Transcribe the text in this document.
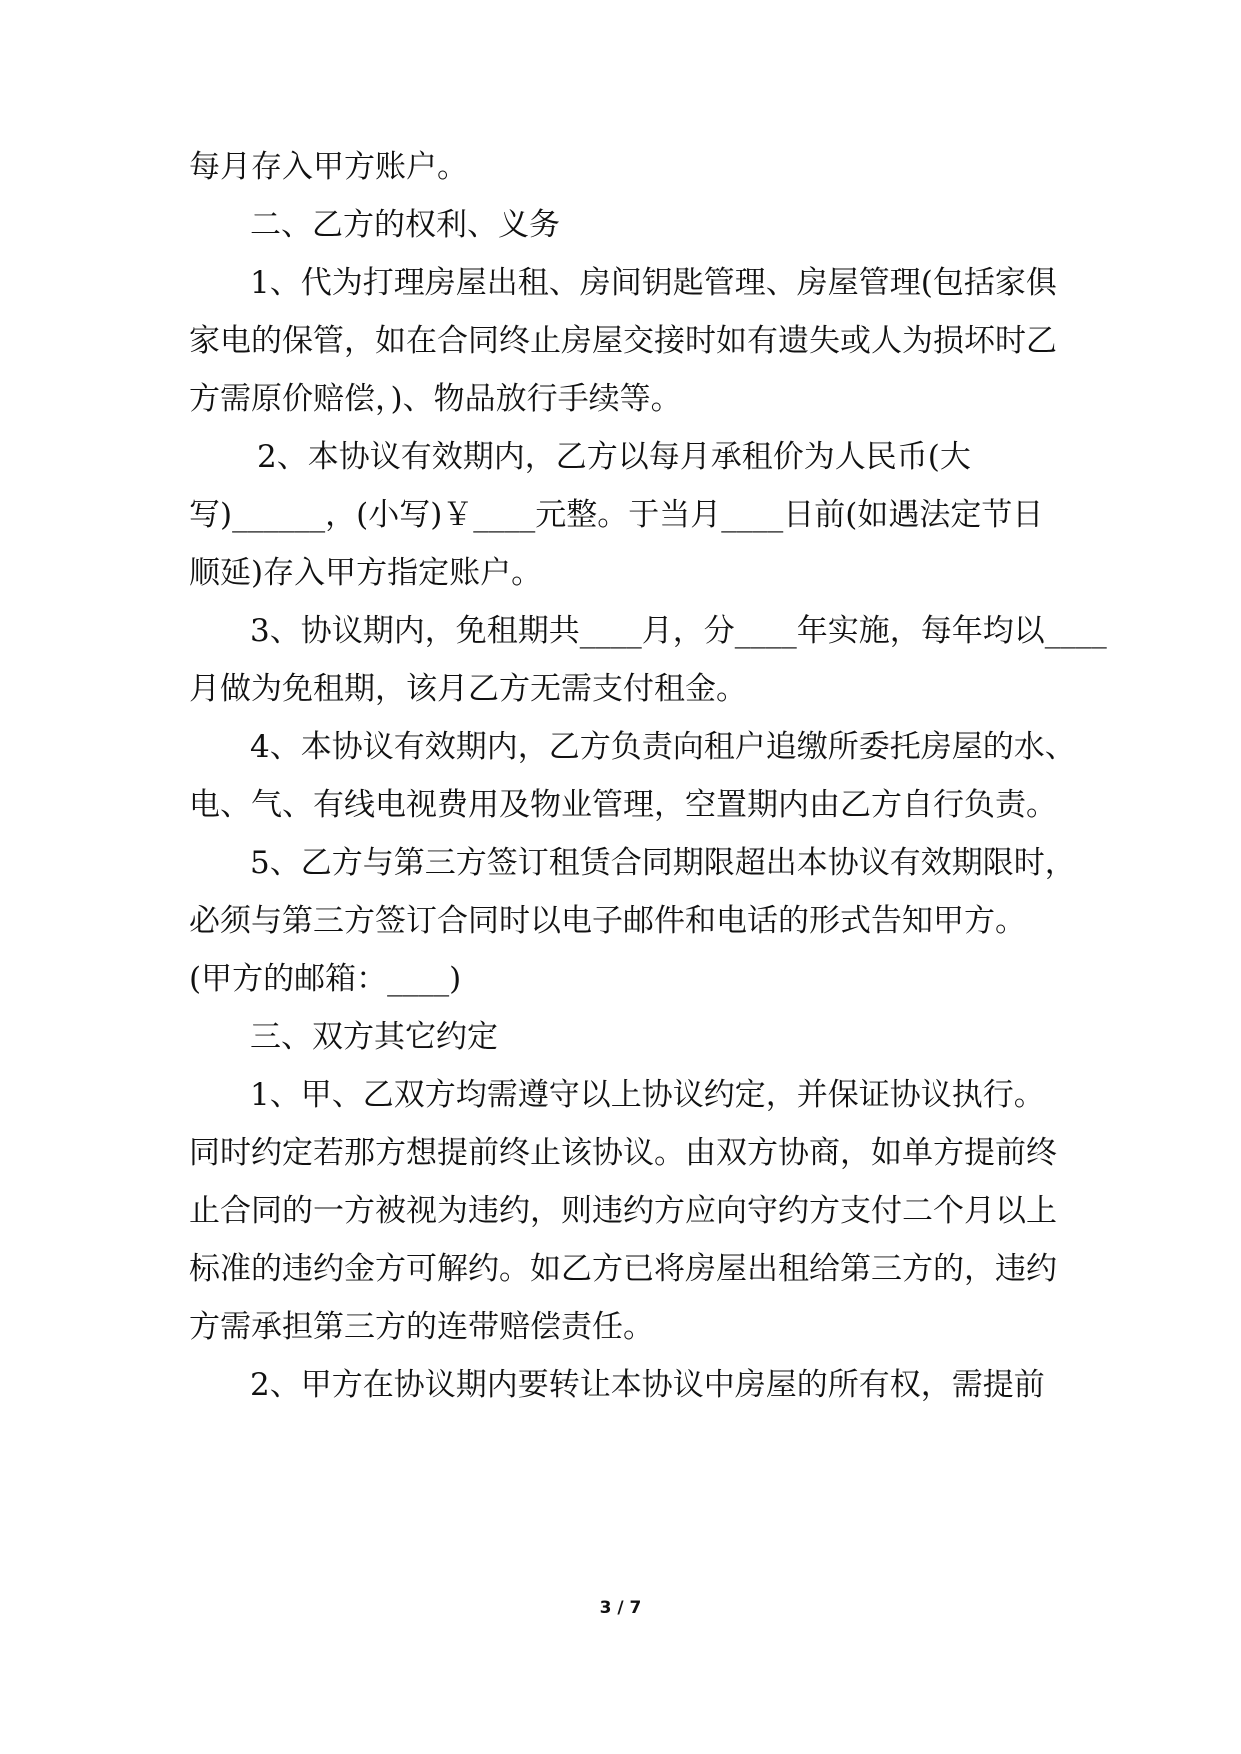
每月存入甲方账户。
二、乙方的权利、义务
1、代为打理房屋出租、房间钥匙管理、房屋管理(包括家俱
家电的保管，如在合同终止房屋交接时如有遗失或人为损坏时乙
方需原价赔偿，)、物品放行手续等。
2、本协议有效期内，乙方以每月承租价为人民币(大
写)______，(小写)￥____元整。于当月____日前(如遇法定节日
顺延)存入甲方指定账户。
3、协议期内，免租期共____月，分____年实施，每年均以____
月做为免租期，该月乙方无需支付租金。
4、本协议有效期内，乙方负责向租户追缴所委托房屋的水、
电、气、有线电视费用及物业管理，空置期内由乙方自行负责。
5、乙方与第三方签订租赁合同期限超出本协议有效期限时，
必须与第三方签订合同时以电子邮件和电话的形式告知甲方。
(甲方的邮箱：____)
三、双方其它约定
1、甲、乙双方均需遵守以上协议约定，并保证协议执行。
同时约定若那方想提前终止该协议。由双方协商，如单方提前终
止合同的一方被视为违约，则违约方应向守约方支付二个月以上
标准的违约金方可解约。如乙方已将房屋出租给第三方的，违约
方需承担第三方的连带赔偿责任。
2、甲方在协议期内要转让本协议中房屋的所有权，需提前
3 / 7
